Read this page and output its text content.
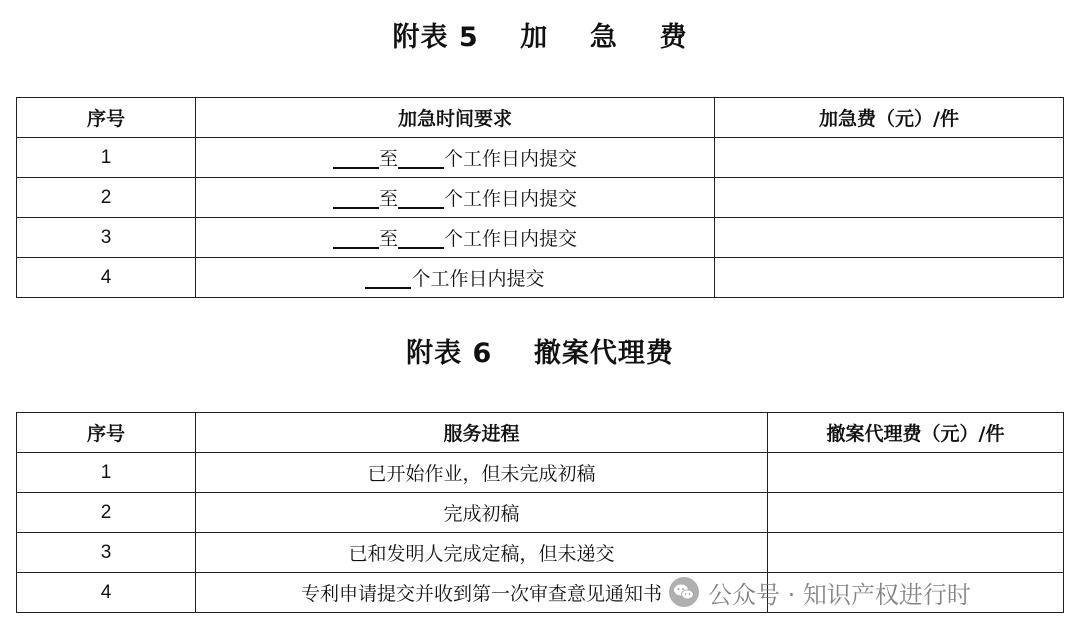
附表 5    加    急    费
序号	加急时间要求	加急费（元）/件
1	至 个工作日内提交	
2	至 个工作日内提交	
3	至 个工作日内提交	
4	个工作日内提交	
附表 6    撤案代理费
序号	服务进程	撤案代理费（元）/件
1	已开始作业，但未完成初稿	
2	完成初稿	
3	已和发明人完成定稿，但未递交	
4	专利申请提交并收到第一次审查意见通知书	公众号 · 知识产权进行时
